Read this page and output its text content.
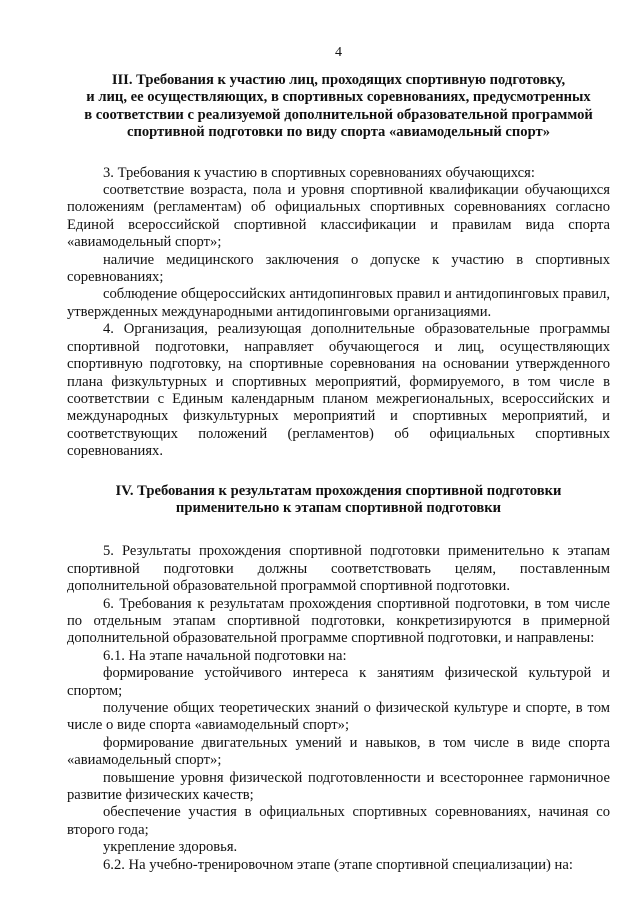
4
III. Требования к участию лиц, проходящих спортивную подготовку,
и лиц, ее осуществляющих, в спортивных соревнованиях, предусмотренных
в соответствии с реализуемой дополнительной образовательной программой
спортивной подготовки по виду спорта «авиамодельный спорт»

3. Требования к участию в спортивных соревнованиях обучающихся:

соответствие возраста, пола и уровня спортивной квалификации обучающихся положениям (регламентам) об официальных спортивных соревнованиях согласно Единой всероссийской спортивной классификации и правилам вида спорта «авиамодельный спорт»;

наличие медицинского заключения о допуске к участию в спортивных соревнованиях;

соблюдение общероссийских антидопинговых правил и антидопинговых правил, утвержденных международными антидопинговыми организациями.

4. Организация, реализующая дополнительные образовательные программы спортивной подготовки, направляет обучающегося и лиц, осуществляющих спортивную подготовку, на спортивные соревнования на основании утвержденного плана физкультурных и спортивных мероприятий, формируемого, в том числе в соответствии с Единым календарным планом межрегиональных, всероссийских и международных физкультурных мероприятий и спортивных мероприятий, и соответствующих положений (регламентов) об официальных спортивных соревнованиях.

IV. Требования к результатам прохождения спортивной подготовки
применительно к этапам спортивной подготовки

5. Результаты прохождения спортивной подготовки применительно к этапам спортивной подготовки должны соответствовать целям, поставленным дополнительной образовательной программой спортивной подготовки.

6. Требования к результатам прохождения спортивной подготовки, в том числе по отдельным этапам спортивной подготовки, конкретизируются в примерной дополнительной образовательной программе спортивной подготовки, и направлены:

6.1. На этапе начальной подготовки на:

формирование устойчивого интереса к занятиям физической культурой и спортом;

получение общих теоретических знаний о физической культуре и спорте, в том числе о виде спорта «авиамодельный спорт»;

формирование двигательных умений и навыков, в том числе в виде спорта «авиамодельный спорт»;

повышение уровня физической подготовленности и всестороннее гармоничное развитие физических качеств;

обеспечение участия в официальных спортивных соревнованиях, начиная со второго года;

укрепление здоровья.

6.2. На учебно-тренировочном этапе (этапе спортивной специализации) на:
